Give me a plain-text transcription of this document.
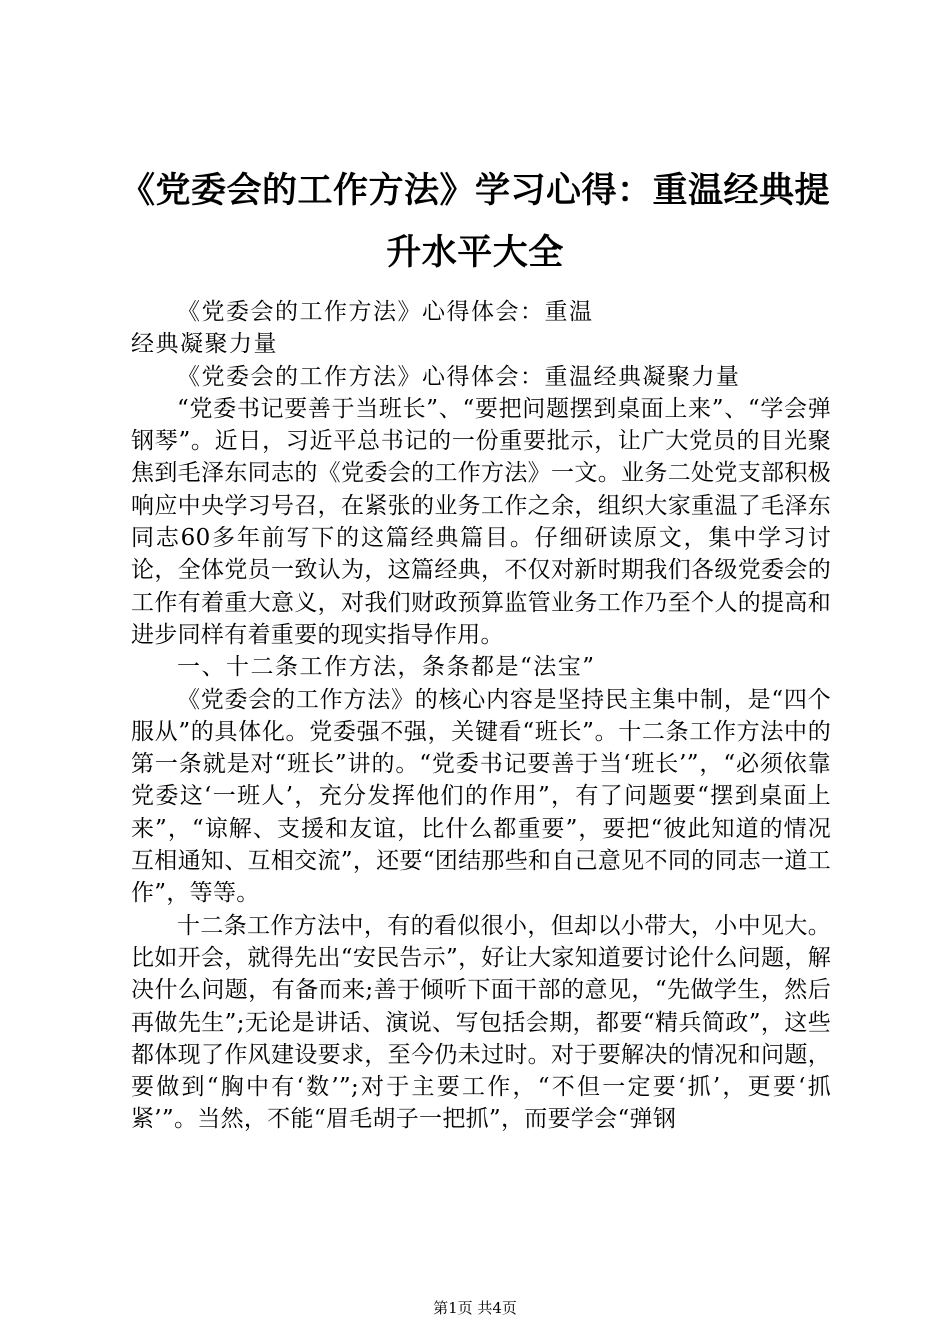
《党委会的工作方法》学习心得：重温经典提升水平大全

《党委会的工作方法》心得体会：重温经典凝聚力量

《党委会的工作方法》心得体会：重温经典凝聚力量

“党委书记要善于当班长”、“要把问题摆到桌面上来”、“学会弹钢琴”。近日，习近平总书记的一份重要批示，让广大党员的目光聚焦到毛泽东同志的《党委会的工作方法》一文。业务二处党支部积极响应中央学习号召，在紧张的业务工作之余，组织大家重温了毛泽东同志60多年前写下的这篇经典篇目。仔细研读原文，集中学习讨论，全体党员一致认为，这篇经典，不仅对新时期我们各级党委会的工作有着重大意义，对我们财政预算监管业务工作乃至个人的提高和进步同样有着重要的现实指导作用。

一、十二条工作方法，条条都是“法宝”

《党委会的工作方法》的核心内容是坚持民主集中制，是“四个服从”的具体化。党委强不强，关键看“班长”。十二条工作方法中的第一条就是对“班长”讲的。“党委书记要善于当‘班长’”，“必须依靠党委这‘一班人’，充分发挥他们的作用”，有了问题要“摆到桌面上来”，“谅解、支援和友谊，比什么都重要”，要把“彼此知道的情况互相通知、互相交流”，还要“团结那些和自己意见不同的同志一道工作”，等等。

十二条工作方法中，有的看似很小，但却以小带大，小中见大。比如开会，就得先出“安民告示”，好让大家知道要讨论什么问题，解决什么问题，有备而来;善于倾听下面干部的意见，“先做学生，然后再做先生”;无论是讲话、演说、写包括会期，都要“精兵简政”，这些都体现了作风建设要求，至今仍未过时。对于要解决的情况和问题，要做到“胸中有‘数’”;对于主要工作，“不但一定要‘抓’，更要‘抓紧’”。当然，不能“眉毛胡子一把抓”，而要学会“弹钢

第1页 共4页
